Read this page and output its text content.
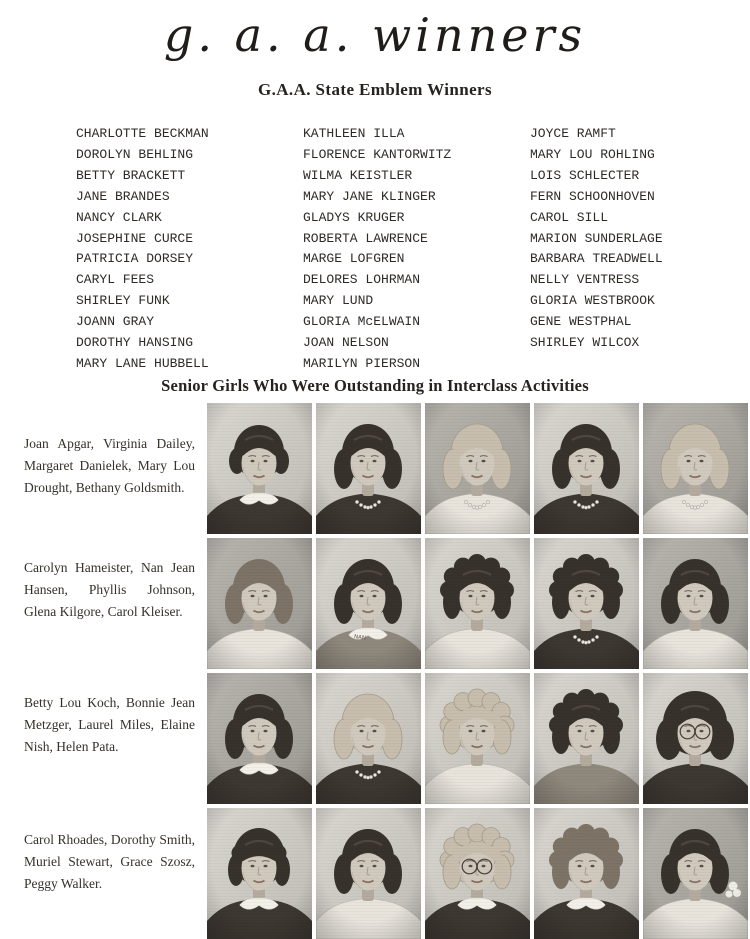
g. a. a. winners
G.A.A. State Emblem Winners
CHARLOTTE BECKMAN
DOROLYN BEHLING
BETTY BRACKETT
JANE BRANDES
NANCY CLARK
JOSEPHINE CURCE
PATRICIA DORSEY
CARYL FEES
SHIRLEY FUNK
JOANN GRAY
DOROTHY HANSING
MARY LANE HUBBELL
KATHLEEN ILLA
FLORENCE KANTORWITZ
WILMA KEISTLER
MARY JANE KLINGER
GLADYS KRUGER
ROBERTA LAWRENCE
MARGE LOFGREN
DELORES LOHRMAN
MARY LUND
GLORIA McELWAIN
JOAN NELSON
MARILYN PIERSON
JOYCE RAMFT
MARY LOU ROHLING
LOIS SCHLECTER
FERN SCHOONHOVEN
CAROL SILL
MARION SUNDERLAGE
BARBARA TREADWELL
NELLY VENTRESS
GLORIA WESTBROOK
GENE WESTPHAL
SHIRLEY WILCOX
Senior Girls Who Were Outstanding in Interclass Activities
Joan Apgar, Virginia Dailey, Margaret Danielek, Mary Lou Drought, Bethany Goldsmith.
Carolyn Hameister, Nan Jean Hansen, Phyllis Johnson, Glena Kilgore, Carol Kleiser.
Betty Lou Koch, Bonnie Jean Metzger, Laurel Miles, Elaine Nish, Helen Pata.
Carol Rhoades, Dorothy Smith, Muriel Stewart, Grace Szosz, Peggy Walker.
